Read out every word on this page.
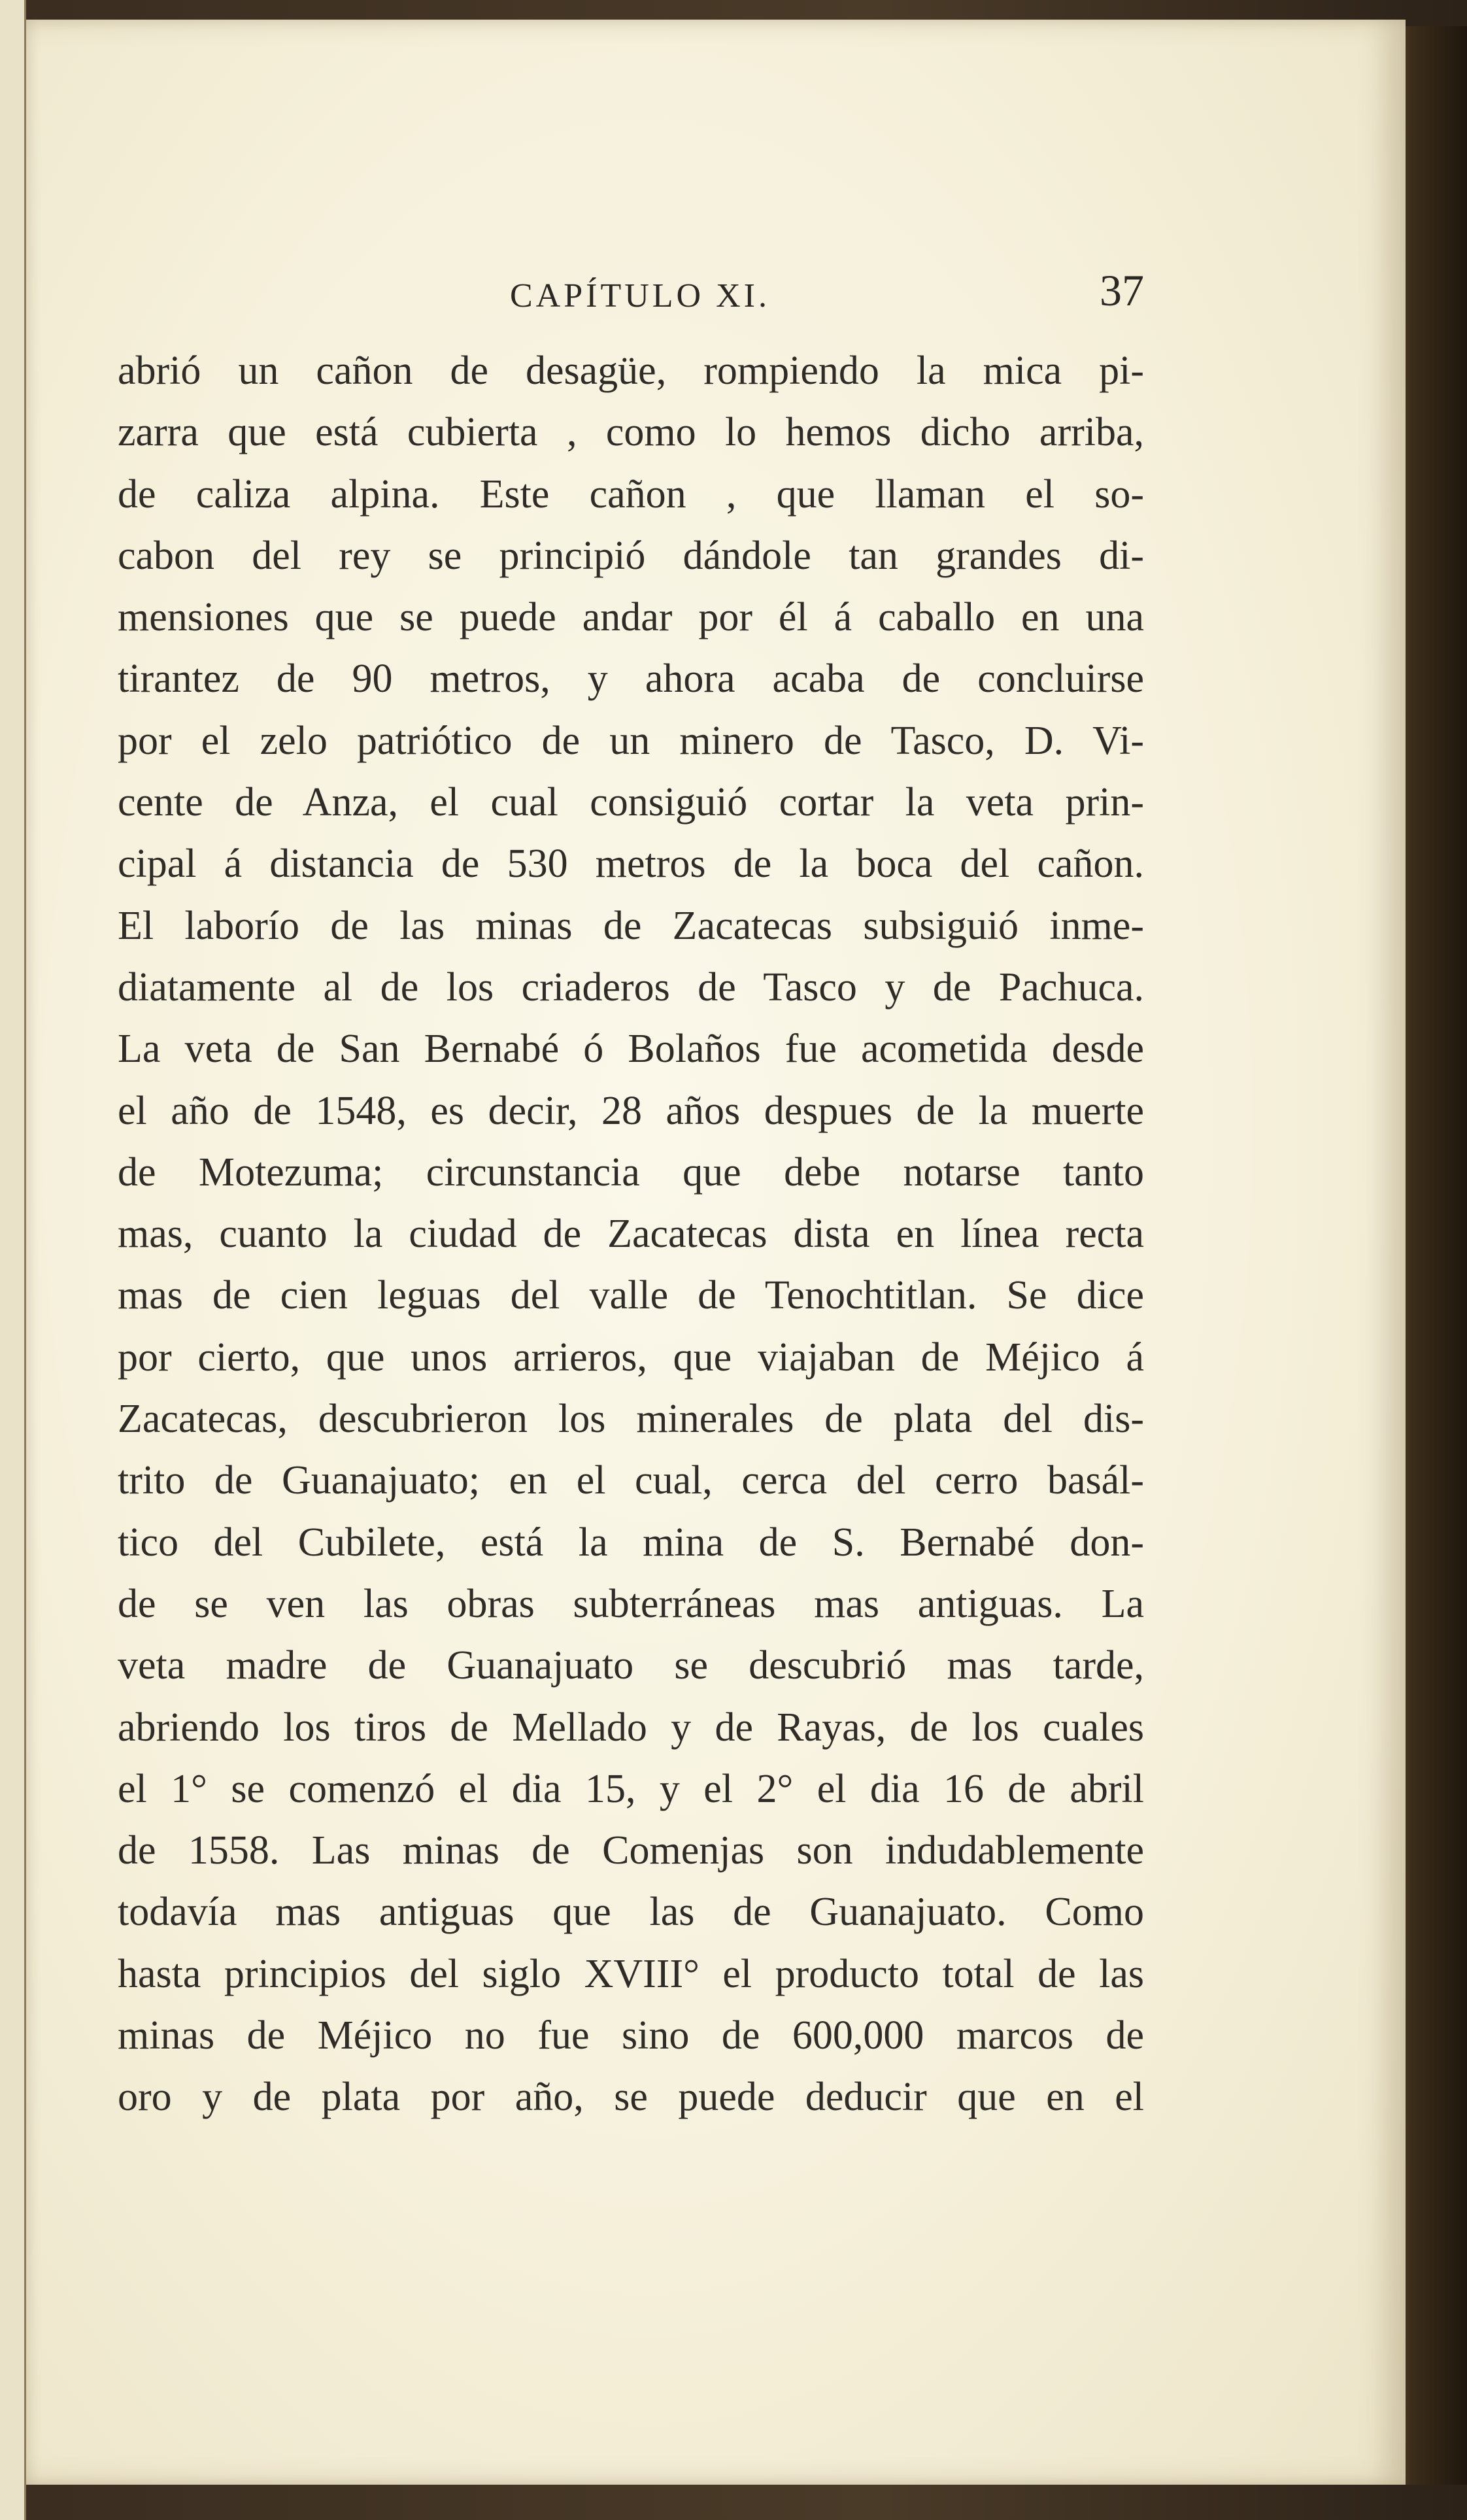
CAPÍTULO XI.	37
abrió un cañon de desagüe, rompiendo la mica pi-
zarra que está cubierta , como lo hemos dicho arriba,
de caliza alpina. Este cañon , que llaman el so-
cabon del rey se principió dándole tan grandes di-
mensiones que se puede andar por él á caballo en una
tirantez de 90 metros, y ahora acaba de concluirse
por el zelo patriótico de un minero de Tasco, D. Vi-
cente de Anza, el cual consiguió cortar la veta prin-
cipal á distancia de 530 metros de la boca del cañon.
El laborío de las minas de Zacatecas subsiguió inme-
diatamente al de los criaderos de Tasco y de Pachuca.
La veta de San Bernabé ó Bolaños fue acometida desde
el año de 1548, es decir, 28 años despues de la muerte
de Motezuma; circunstancia que debe notarse tanto
mas, cuanto la ciudad de Zacatecas dista en línea recta
mas de cien leguas del valle de Tenochtitlan. Se dice
por cierto, que unos arrieros, que viajaban de Méjico á
Zacatecas, descubrieron los minerales de plata del dis-
trito de Guanajuato; en el cual, cerca del cerro basál-
tico del Cubilete, está la mina de S. Bernabé don-
de se ven las obras subterráneas mas antiguas. La
veta madre de Guanajuato se descubrió mas tarde,
abriendo los tiros de Mellado y de Rayas, de los cuales
el 1° se comenzó el dia 15, y el 2° el dia 16 de abril
de 1558. Las minas de Comenjas son indudablemente
todavía mas antiguas que las de Guanajuato. Como
hasta principios del siglo XVIII° el producto total de las
minas de Méjico no fue sino de 600,000 marcos de
oro y de plata por año, se puede deducir que en el
